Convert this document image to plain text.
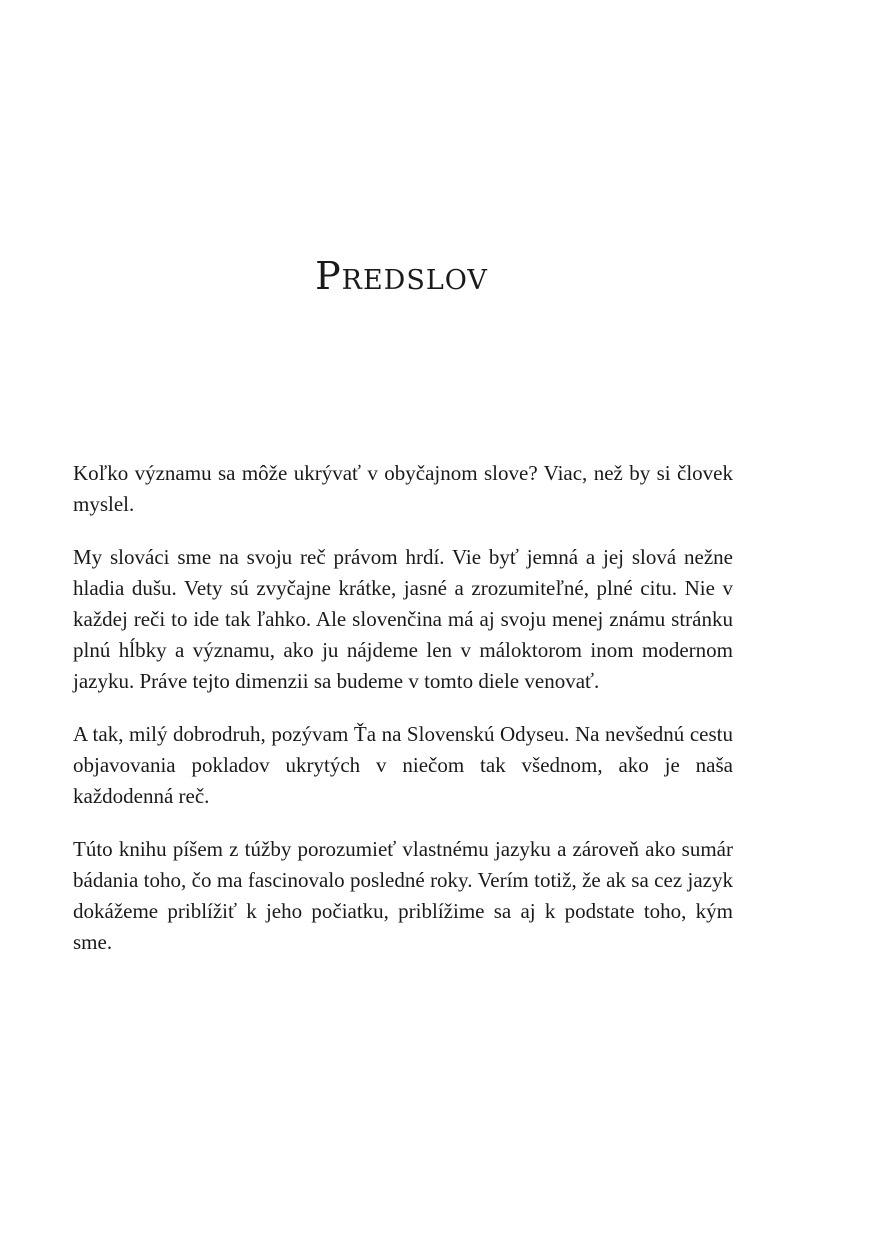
Predslov

Koľko významu sa môže ukrývať v obyčajnom slove? Viac, než by si človek myslel.

My slováci sme na svoju reč právom hrdí. Vie byť jemná a jej slová nežne hladia dušu. Vety sú zvyčajne krátke, jasné a zrozumiteľné, plné citu. Nie v každej reči to ide tak ľahko. Ale slovenčina má aj svoju menej známu stránku plnú hĺbky a významu, ako ju nájdeme len v máloktorom inom modernom jazyku. Práve tejto dimenzii sa budeme v tomto diele venovať.

A tak, milý dobrodruh, pozývam Ťa na Slovenskú Odyseu. Na nevšednú cestu objavovania pokladov ukrytých v niečom tak všednom, ako je naša každodenná reč.

Túto knihu píšem z túžby porozumieť vlastnému jazyku a zároveň ako sumár bádania toho, čo ma fascinovalo posledné roky. Verím totiž, že ak sa cez jazyk dokážeme priblížiť k jeho počiatku, priblížime sa aj k podstate toho, kým sme.
